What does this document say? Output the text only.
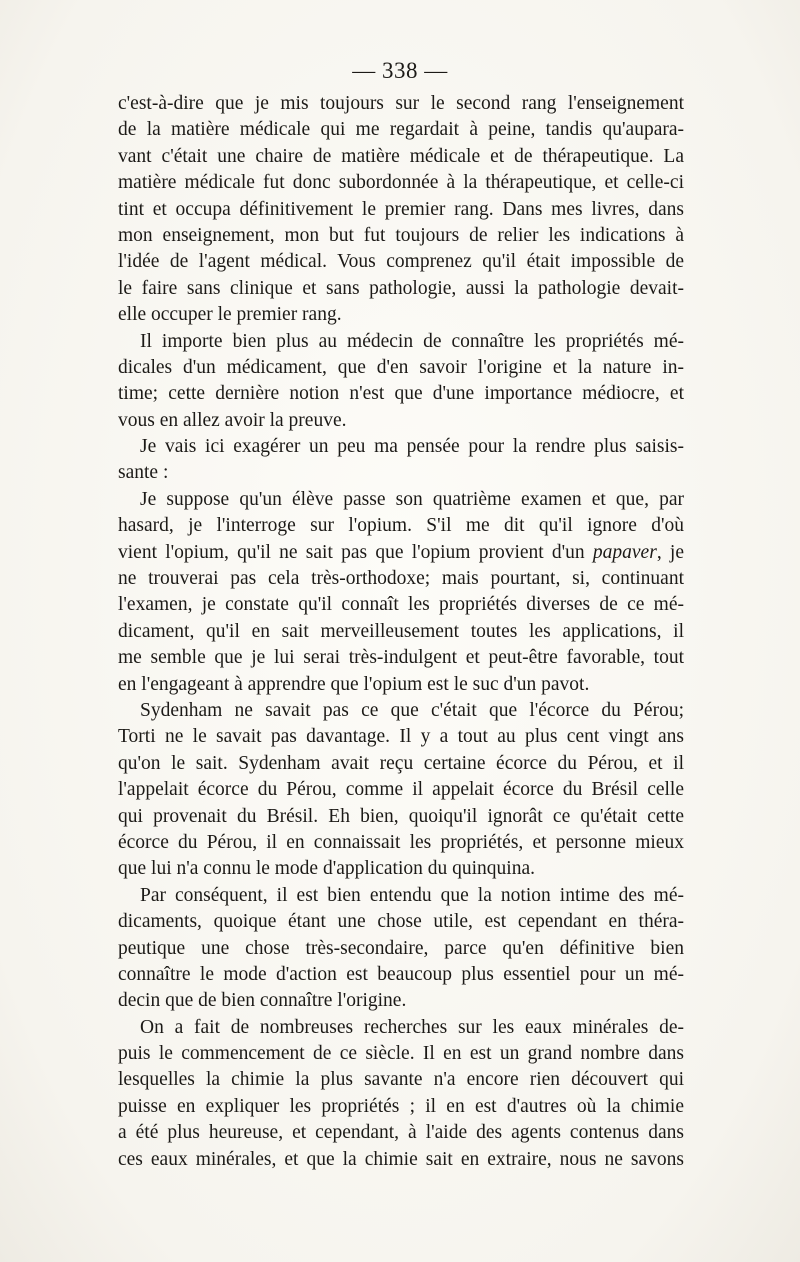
— 338 —
c'est-à-dire que je mis toujours sur le second rang l'enseignement
de la matière médicale qui me regardait à peine, tandis qu'aupara-
vant c'était une chaire de matière médicale et de thérapeutique. La
matière médicale fut donc subordonnée à la thérapeutique, et celle-ci
tint et occupa définitivement le premier rang. Dans mes livres, dans
mon enseignement, mon but fut toujours de relier les indications à
l'idée de l'agent médical. Vous comprenez qu'il était impossible de
le faire sans clinique et sans pathologie, aussi la pathologie devait-
elle occuper le premier rang.
Il importe bien plus au médecin de connaître les propriétés mé-
dicales d'un médicament, que d'en savoir l'origine et la nature in-
time; cette dernière notion n'est que d'une importance médiocre, et
vous en allez avoir la preuve.
Je vais ici exagérer un peu ma pensée pour la rendre plus saisis-
sante :
Je suppose qu'un élève passe son quatrième examen et que, par
hasard, je l'interroge sur l'opium. S'il me dit qu'il ignore d'où
vient l'opium, qu'il ne sait pas que l'opium provient d'un papaver, je
ne trouverai pas cela très-orthodoxe; mais pourtant, si, continuant
l'examen, je constate qu'il connaît les propriétés diverses de ce mé-
dicament, qu'il en sait merveilleusement toutes les applications, il
me semble que je lui serai très-indulgent et peut-être favorable, tout
en l'engageant à apprendre que l'opium est le suc d'un pavot.
Sydenham ne savait pas ce que c'était que l'écorce du Pérou;
Torti ne le savait pas davantage. Il y a tout au plus cent vingt ans
qu'on le sait. Sydenham avait reçu certaine écorce du Pérou, et il
l'appelait écorce du Pérou, comme il appelait écorce du Brésil celle
qui provenait du Brésil. Eh bien, quoiqu'il ignorât ce qu'était cette
écorce du Pérou, il en connaissait les propriétés, et personne mieux
que lui n'a connu le mode d'application du quinquina.
Par conséquent, il est bien entendu que la notion intime des mé-
dicaments, quoique étant une chose utile, est cependant en théra-
peutique une chose très-secondaire, parce qu'en définitive bien
connaître le mode d'action est beaucoup plus essentiel pour un mé-
decin que de bien connaître l'origine.
On a fait de nombreuses recherches sur les eaux minérales de-
puis le commencement de ce siècle. Il en est un grand nombre dans
lesquelles la chimie la plus savante n'a encore rien découvert qui
puisse en expliquer les propriétés ; il en est d'autres où la chimie
a été plus heureuse, et cependant, à l'aide des agents contenus dans
ces eaux minérales, et que la chimie sait en extraire, nous ne savons
